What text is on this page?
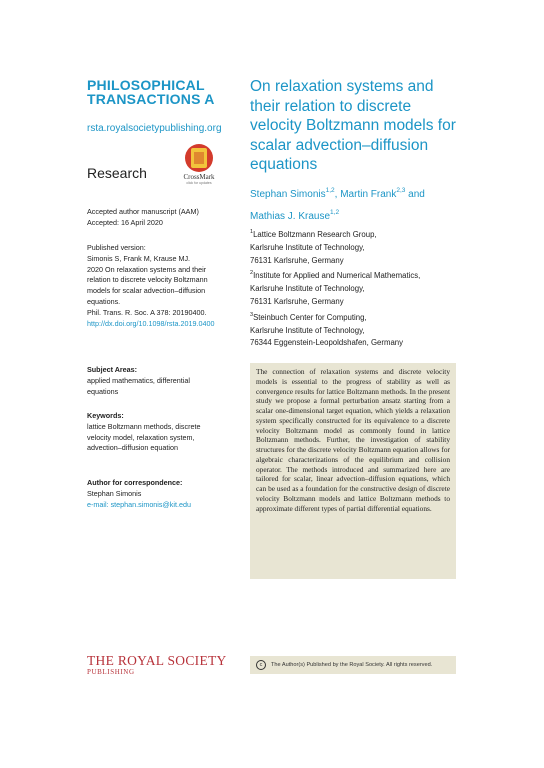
PHILOSOPHICAL
TRANSACTIONS A
rsta.royalsocietypublishing.org
Research	CrossMark
click for updates
Accepted author manuscript (AAM)
Accepted: 16 April 2020
Published version:
Simonis S, Frank M, Krause MJ.
2020 On relaxation systems and their
relation to discrete velocity Boltzmann
models for scalar advection–diffusion
equations.
Phil. Trans. R. Soc. A 378: 20190400.
http://dx.doi.org/10.1098/rsta.2019.0400
Subject Areas:
applied mathematics, differential
equations
Keywords:
lattice Boltzmann methods, discrete
velocity model, relaxation system,
advection–diffusion equation
Author for correspondence:
Stephan Simonis
e-mail: stephan.simonis@kit.edu
On relaxation systems and
their relation to discrete
velocity Boltzmann models for
scalar advection–diffusion
equations
Stephan Simonis$^{1,2}$, Martin Frank$^{2,3}$ and
Mathias J. Krause$^{1,2}$
$^1$Lattice Boltzmann Research Group,
Karlsruhe Institute of Technology,
76131 Karlsruhe, Germany
$^2$Institute for Applied and Numerical Mathematics,
Karlsruhe Institute of Technology,
76131 Karlsruhe, Germany
$^3$Steinbuch Center for Computing,
Karlsruhe Institute of Technology,
76344 Eggenstein-Leopoldshafen, Germany
The connection of relaxation systems and discrete velocity models is essential to the progress of stability as well as convergence results for lattice Boltzmann methods. In the present study we propose a formal perturbation ansatz starting from a scalar one-dimensional target equation, which yields a relaxation system specifically constructed for its equivalence to a discrete velocity Boltzmann model as commonly found in lattice Boltzmann methods. Further, the investigation of stability structures for the discrete velocity Boltzmann equation allows for algebraic characterizations of the equilibrium and collision operator. The methods introduced and summarized here are tailored for scalar, linear advection–diffusion equations, which can be used as a foundation for the constructive design of discrete velocity Boltzmann models and lattice Boltzmann methods to approximate different types of partial differential equations.
THE ROYAL SOCIETY
PUBLISHING
c	The Author(s) Published by the Royal Society. All rights reserved.
